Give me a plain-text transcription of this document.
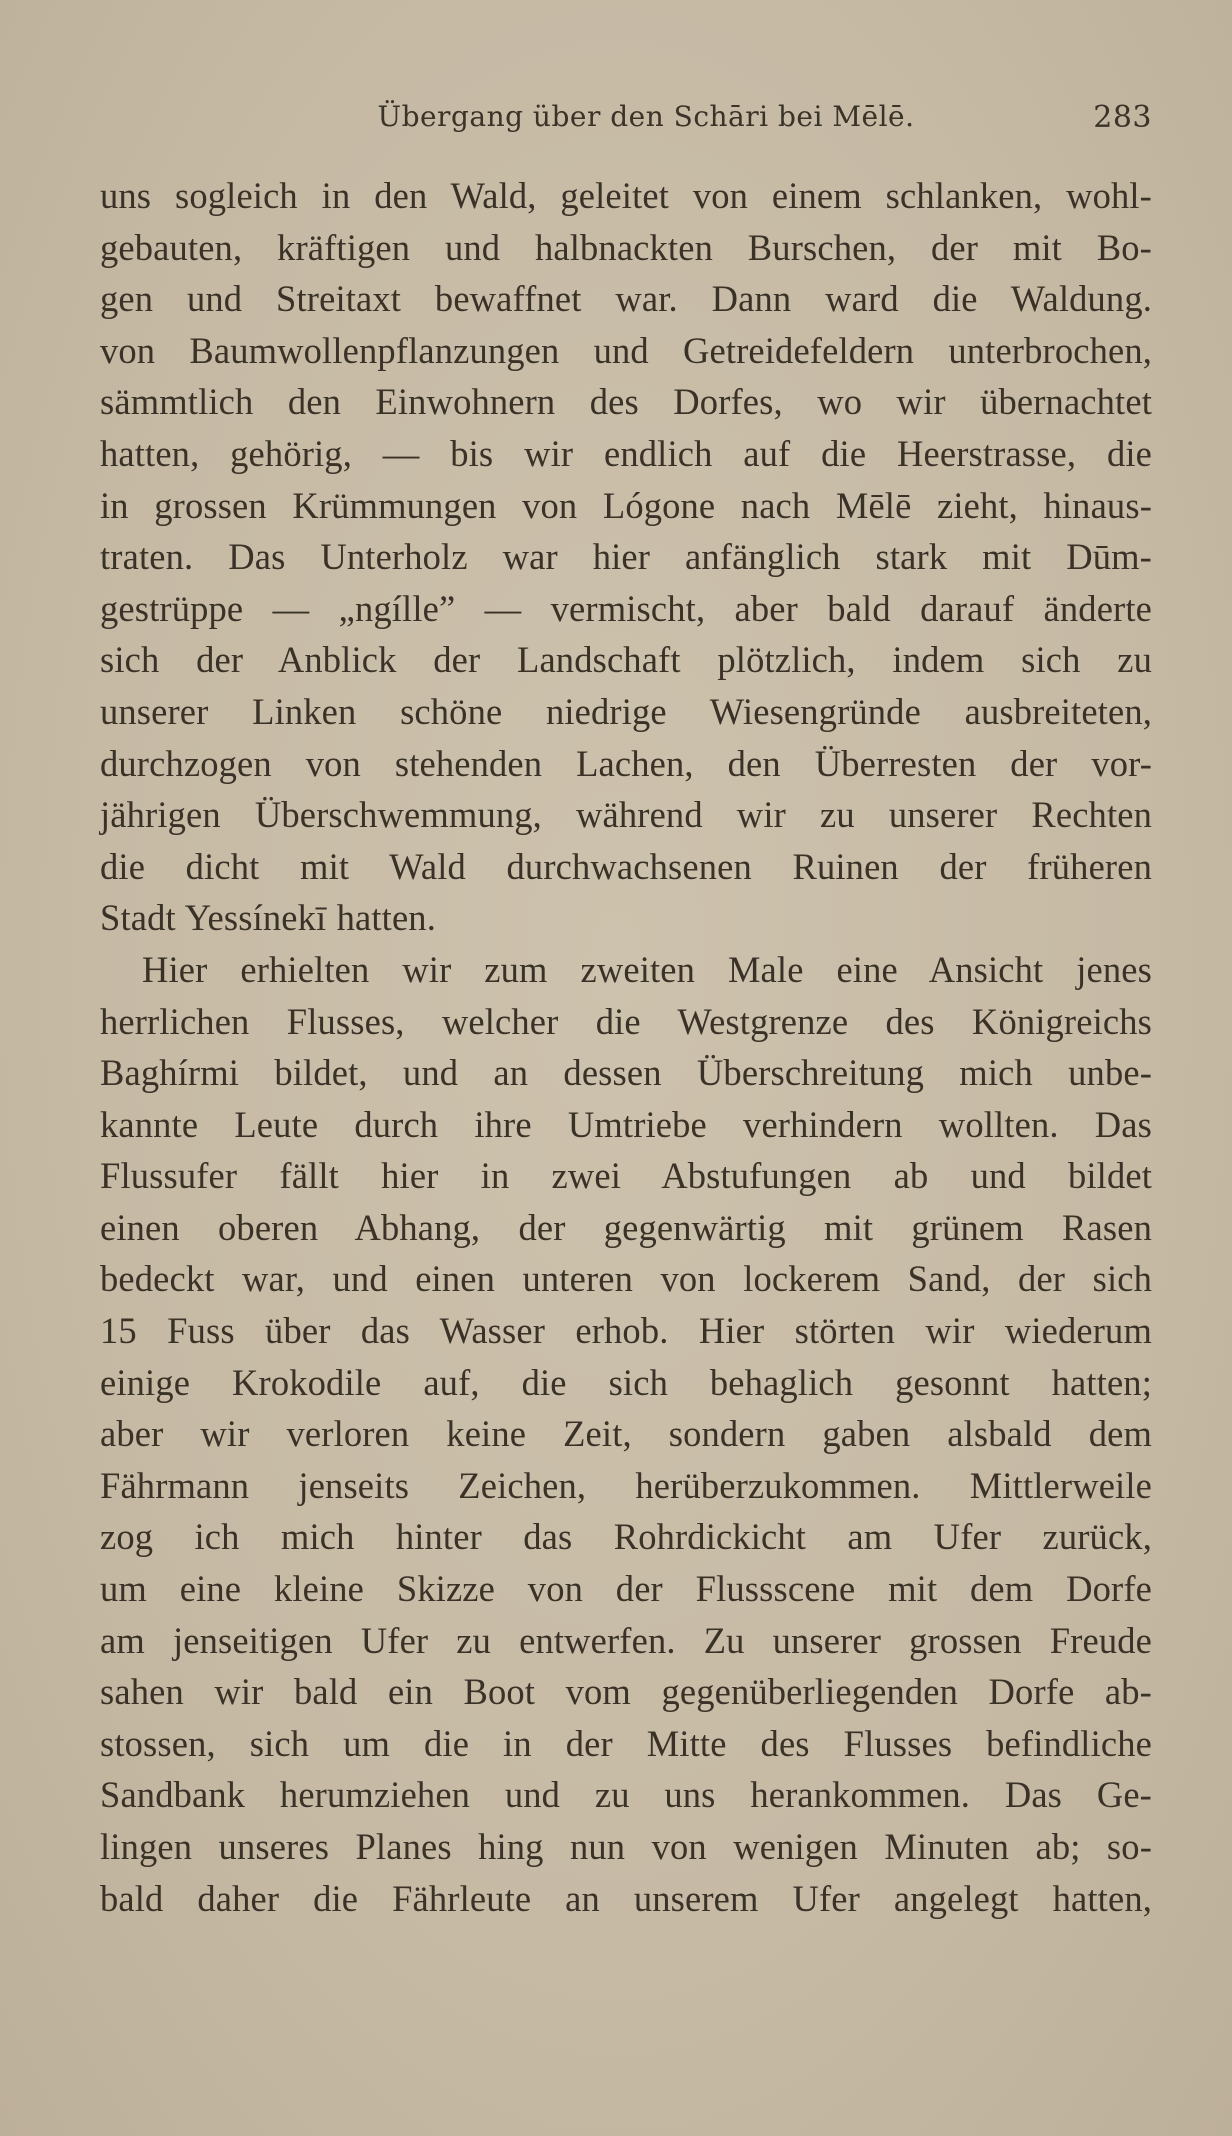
Übergang über den Schāri bei Mēlē.	283
uns sogleich in den Wald, geleitet von einem schlanken, wohl-
gebauten, kräftigen und halbnackten Burschen, der mit Bo-
gen und Streitaxt bewaffnet war. Dann ward die Waldung.
von Baumwollenpflanzungen und Getreidefeldern unterbrochen,
sämmtlich den Einwohnern des Dorfes, wo wir übernachtet
hatten, gehörig, — bis wir endlich auf die Heerstrasse, die
in grossen Krümmungen von Lógone nach Mēlē zieht, hinaus-
traten. Das Unterholz war hier anfänglich stark mit Dūm-
gestrüppe — „ngílle” — vermischt, aber bald darauf änderte
sich der Anblick der Landschaft plötzlich, indem sich zu
unserer Linken schöne niedrige Wiesengründe ausbreiteten,
durchzogen von stehenden Lachen, den Überresten der vor-
jährigen Überschwemmung, während wir zu unserer Rechten
die dicht mit Wald durchwachsenen Ruinen der früheren
Stadt Yessínekī hatten.
Hier erhielten wir zum zweiten Male eine Ansicht jenes
herrlichen Flusses, welcher die Westgrenze des Königreichs
Baghírmi bildet, und an dessen Überschreitung mich unbe-
kannte Leute durch ihre Umtriebe verhindern wollten. Das
Flussufer fällt hier in zwei Abstufungen ab und bildet
einen oberen Abhang, der gegenwärtig mit grünem Rasen
bedeckt war, und einen unteren von lockerem Sand, der sich
15 Fuss über das Wasser erhob. Hier störten wir wiederum
einige Krokodile auf, die sich behaglich gesonnt hatten;
aber wir verloren keine Zeit, sondern gaben alsbald dem
Fährmann jenseits Zeichen, herüberzukommen. Mittlerweile
zog ich mich hinter das Rohrdickicht am Ufer zurück,
um eine kleine Skizze von der Flussscene mit dem Dorfe
am jenseitigen Ufer zu entwerfen. Zu unserer grossen Freude
sahen wir bald ein Boot vom gegenüberliegenden Dorfe ab-
stossen, sich um die in der Mitte des Flusses befindliche
Sandbank herumziehen und zu uns herankommen. Das Ge-
lingen unseres Planes hing nun von wenigen Minuten ab; so-
bald daher die Fährleute an unserem Ufer angelegt hatten,
